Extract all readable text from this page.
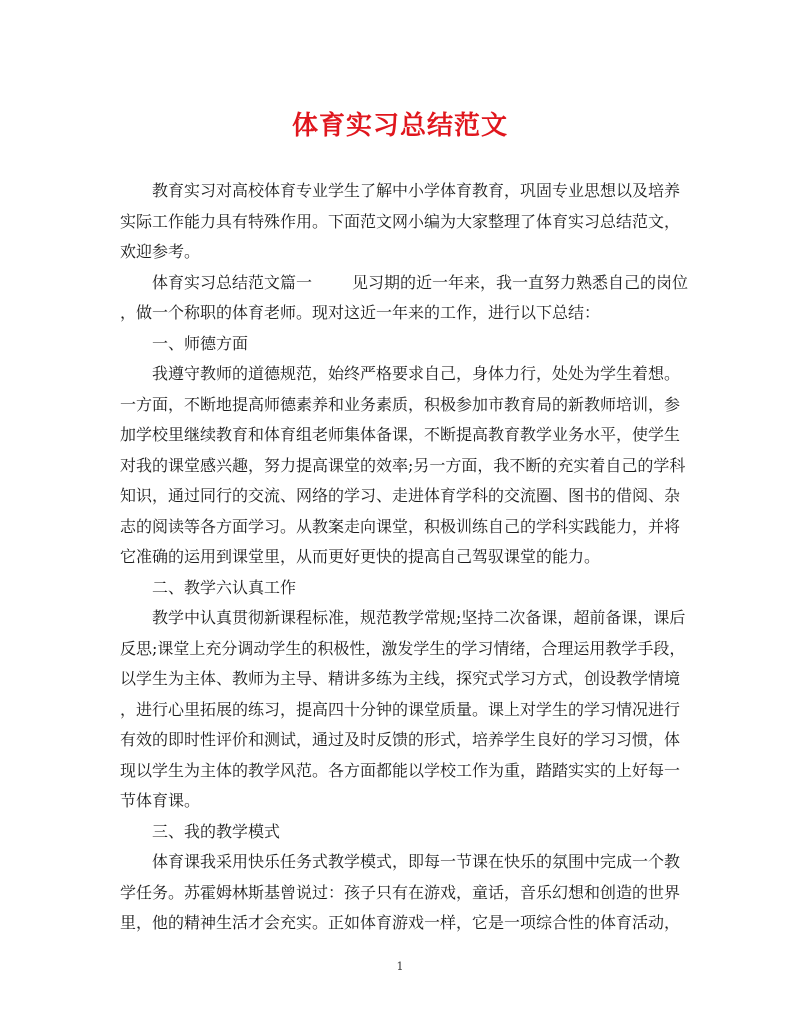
体育实习总结范文
教育实习对高校体育专业学生了解中小学体育教育，巩固专业思想以及培养
实际工作能力具有特殊作用。下面范文网小编为大家整理了体育实习总结范文，
欢迎参考。
体育实习总结范文篇一	见习期的近一年来，我一直努力熟悉自己的岗位
，做一个称职的体育老师。现对这近一年来的工作，进行以下总结：
一、师德方面
我遵守教师的道德规范，始终严格要求自己，身体力行，处处为学生着想。
一方面，不断地提高师德素养和业务素质，积极参加市教育局的新教师培训，参
加学校里继续教育和体育组老师集体备课，不断提高教育教学业务水平，使学生
对我的课堂感兴趣，努力提高课堂的效率;另一方面，我不断的充实着自己的学科
知识，通过同行的交流、网络的学习、走进体育学科的交流圈、图书的借阅、杂
志的阅读等各方面学习。从教案走向课堂，积极训练自己的学科实践能力，并将
它准确的运用到课堂里，从而更好更快的提高自己驾驭课堂的能力。
二、教学六认真工作
教学中认真贯彻新课程标准，规范教学常规;坚持二次备课，超前备课，课后
反思;课堂上充分调动学生的积极性，激发学生的学习情绪，合理运用教学手段，
以学生为主体、教师为主导、精讲多练为主线，探究式学习方式，创设教学情境
，进行心里拓展的练习，提高四十分钟的课堂质量。课上对学生的学习情况进行
有效的即时性评价和测试，通过及时反馈的形式，培养学生良好的学习习惯，体
现以学生为主体的教学风范。各方面都能以学校工作为重，踏踏实实的上好每一
节体育课。
三、我的教学模式
体育课我采用快乐任务式教学模式，即每一节课在快乐的氛围中完成一个教
学任务。苏霍姆林斯基曾说过：孩子只有在游戏，童话，音乐幻想和创造的世界
里，他的精神生活才会充实。正如体育游戏一样，它是一项综合性的体育活动，
1
